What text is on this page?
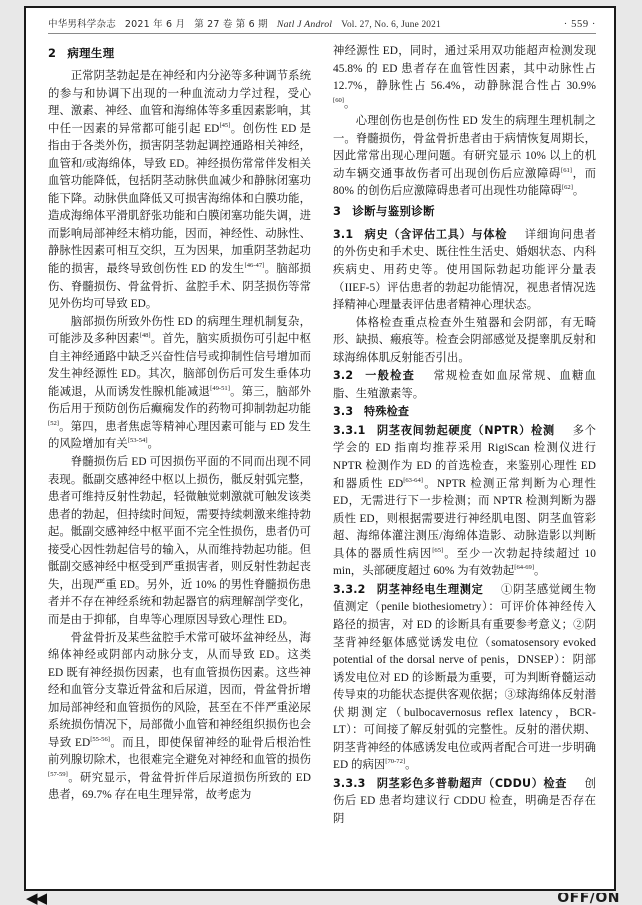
中华男科学杂志 2021 年 6 月 第 27 卷 第 6 期 Natl J Androl Vol. 27, No. 6, June 2021	· 559 ·
2 病理生理

正常阴茎勃起是在神经和内分泌等多种调节系统的参与和协调下出现的一种血流动力学过程，受心理、激素、神经、血管和海绵体等多重因素影响，其中任一因素的异常都可能引起 ED[45]。创伤性 ED 是指由于各类外伤，损害阴茎勃起调控通路相关神经，血管和/或海绵体，导致 ED。神经损伤常常伴发相关血管功能降低，包括阴茎动脉供血减少和静脉闭塞功能下降。动脉供血降低又可损害海绵体和白膜功能，造成海绵体平滑肌舒张功能和白膜闭塞功能失调，进而影响局部神经末梢功能，因而，神经性、动脉性、静脉性因素可相互交织，互为因果，加重阴茎勃起功能的损害，最终导致创伤性 ED 的发生[46-47]。脑部损伤、脊髓损伤、骨盆骨折、盆腔手术、阴茎损伤等常见外伤均可导致 ED。

脑部损伤所致外伤性 ED 的病理生理机制复杂，可能涉及多种因素[48]。首先，脑实质损伤可引起中枢自主神经通路中缺乏兴奋性信号或抑制性信号增加而发生神经源性 ED。其次，脑部创伤后可发生垂体功能减退，从而诱发性腺机能减退[49-51]。第三，脑部外伤后用于预防创伤后癫痫发作的药物可抑制勃起功能[52]。第四，患者焦虑等精神心理因素可能与 ED 发生的风险增加有关[53-54]。

脊髓损伤后 ED 可因损伤平面的不同而出现不同表现。骶副交感神经中枢以上损伤，骶反射弧完整，患者可维持反射性勃起，轻微触觉刺激就可触发该类患者的勃起，但持续时间短，需要持续刺激来维持勃起。骶副交感神经中枢平面不完全性损伤，患者仍可接受心因性勃起信号的输入，从而维持勃起功能。但骶副交感神经中枢受到严重损害者，则反射性勃起丧失，出现严重 ED。另外，近 10% 的男性脊髓损伤患者并不存在神经系统和勃起器官的病理解剖学变化，而是由于抑郁，自卑等心理原因导致心理性 ED。

骨盆骨折及某些盆腔手术常可破坏盆神经丛，海绵体神经或阴部内动脉分支，从而导致 ED。这类 ED 既有神经损伤因素，也有血管损伤因素。这些神经和血管分支靠近骨盆和后尿道，因而，骨盆骨折增加局部神经和血管损伤的风险，甚至在不伴严重泌尿系统损伤情况下，局部微小血管和神经组织损伤也会导致 ED[55-56]。而且，即使保留神经的耻骨后根治性前列腺切除术，也很难完全避免对神经和血管的损伤[57-59]。研究显示，骨盆骨折伴后尿道损伤所致的 ED 患者，69.7% 存在电生理异常，故考虑为

神经源性 ED，同时，通过采用双功能超声检测发现 45.8% 的 ED 患者存在血管性因素，其中动脉性占 12.7%，静脉性占 56.4%，动静脉混合性占 30.9%[60]。

心理创伤也是创伤性 ED 发生的病理生理机制之一。脊髓损伤，骨盆骨折患者由于病情恢复周期长，因此常常出现心理问题。有研究显示 10% 以上的机动车辆交通事故伤者可出现创伤后应激障碍[61]，而 80% 的创伤后应激障碍患者可出现性功能障碍[62]。

3 诊断与鉴别诊断

3.1 病史（含评估工具）与体检 详细询问患者的外伤史和手术史、既往性生活史、婚姻状态、内科疾病史、用药史等。使用国际勃起功能评分量表（IIEF-5）评估患者的勃起功能情况，视患者情况选择精神心理量表评估患者精神心理状态。

体格检查重点检查外生殖器和会阴部，有无畸形、缺损、瘢痕等。检查会阴部感觉及提睾肌反射和球海绵体肌反射能否引出。

3.2 一般检查 常规检查如血尿常规、血糖血脂、生殖激素等。

3.3 特殊检查

3.3.1 阴茎夜间勃起硬度（NPTR）检测 多个学会的 ED 指南均推荐采用 RigiScan 检测仪进行 NPTR 检测作为 ED 的首选检查，来鉴别心理性 ED 和器质性 ED[63-64]。NPTR 检测正常判断为心理性 ED，无需进行下一步检测；而 NPTR 检测判断为器质性 ED，则根据需要进行神经肌电图、阴茎血管彩超、海绵体灌注测压/海绵体造影、动脉造影以判断具体的器质性病因[65]。至少一次勃起持续超过 10 min，头部硬度超过 60% 为有效勃起[64-69]。

3.3.2 阴茎神经电生理测定 ①阴茎感觉阈生物值测定（penile biothesiometry）：可评价体神经传入路径的损害，对 ED 的诊断具有重要参考意义；②阴茎背神经躯体感觉诱发电位（somatosensory evoked potential of the dorsal nerve of penis，DNSEP）：阴部诱发电位对 ED 的诊断最为重要，可为判断脊髓运动传导束的功能状态提供客观依据；③球海绵体反射潜伏期测定（bulbocavernosus reflex latency，BCR-LT）：可间接了解反射弧的完整性。反射的潜伏期、阴茎背神经的体感诱发电位或两者配合可进一步明确 ED 的病因[70-72]。

3.3.3 阴茎彩色多普勒超声（CDDU）检查 创伤后 ED 患者均建议行 CDDU 检查，明确是否存在阴

◀◀	OFF/ON
